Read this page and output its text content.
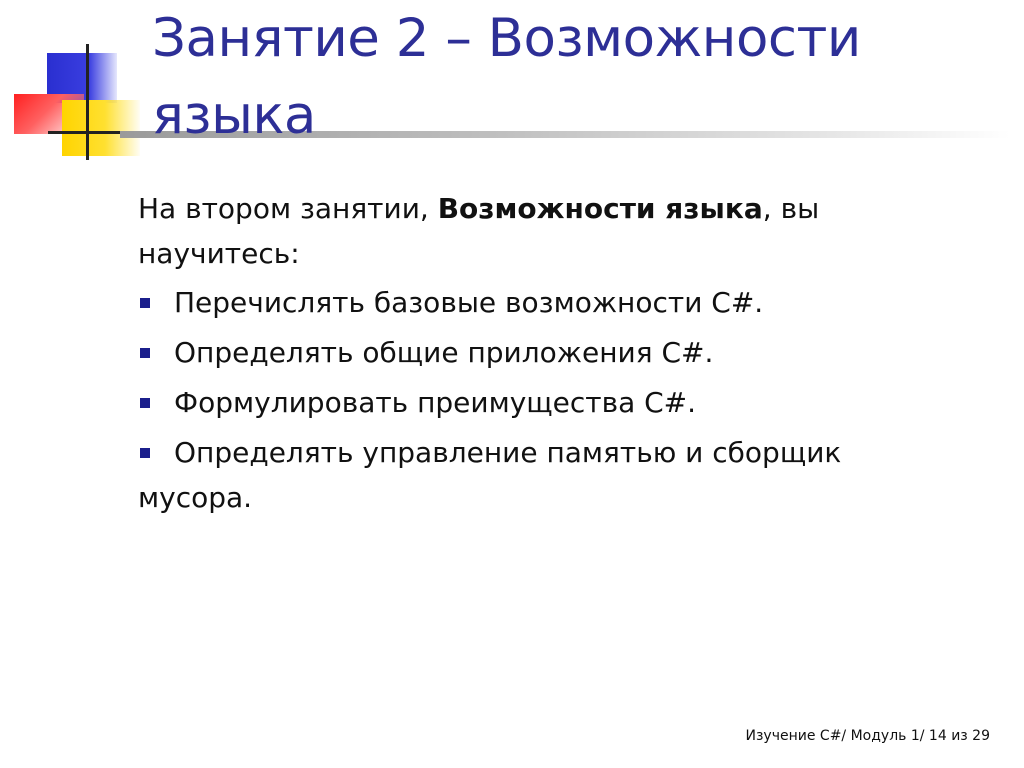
Занятие 2 – Возможности языка

На втором занятии, Возможности языка, вы научитесь:

Перечислять базовые возможности C#.
Определять общие приложения C#.
Формулировать преимущества C#.
Определять управление памятью и сборщик мусора.
Изучение C#/ Модуль 1/ 14 из 29
